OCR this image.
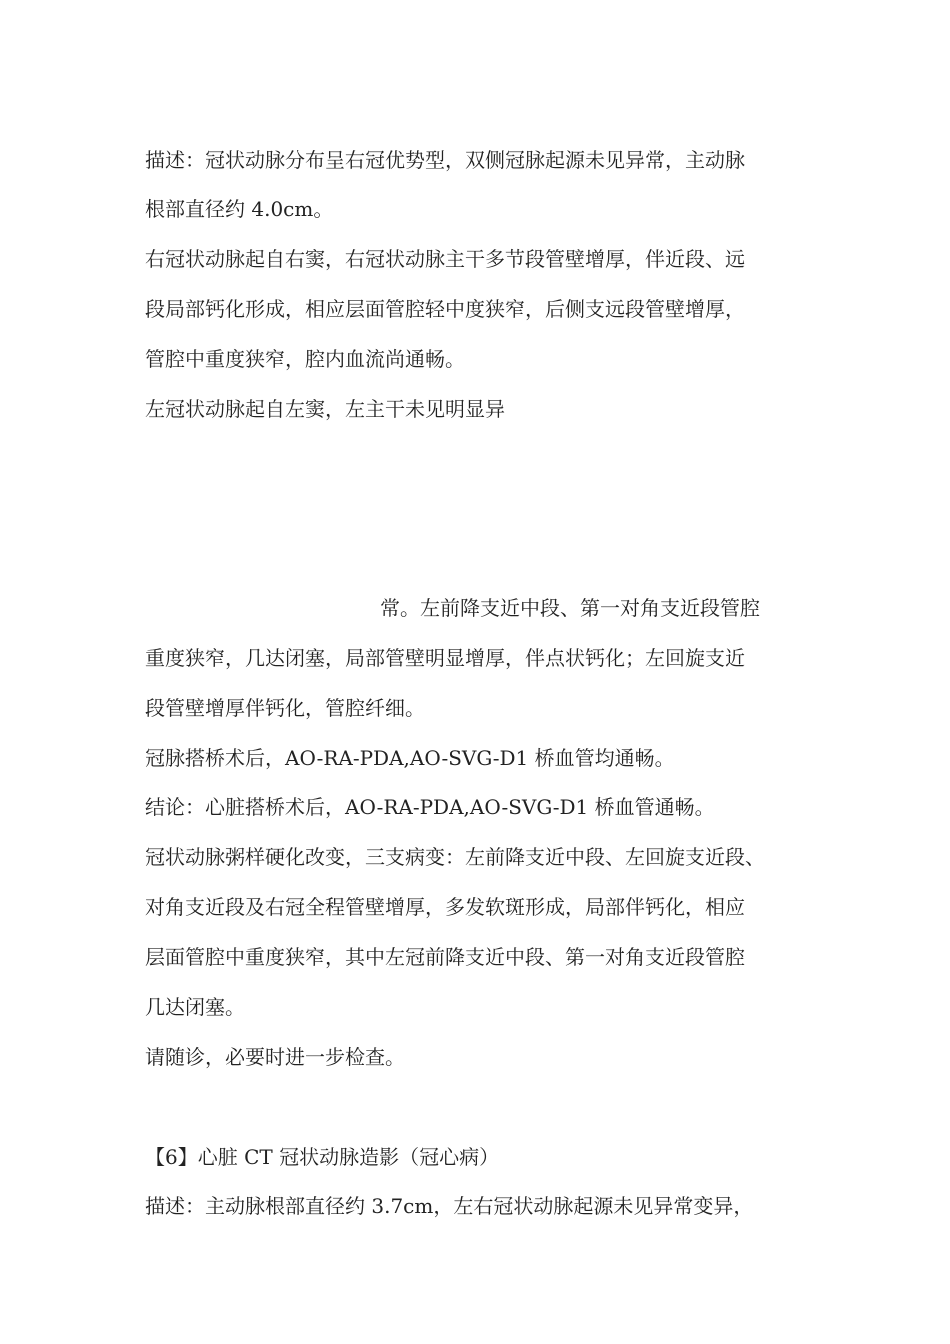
描述：冠状动脉分布呈右冠优势型，双侧冠脉起源未见异常，主动脉

根部直径约 4.0cm。

右冠状动脉起自右窦，右冠状动脉主干多节段管壁增厚，伴近段、远

段局部钙化形成，相应层面管腔轻中度狭窄，后侧支远段管壁增厚，

管腔中重度狭窄，腔内血流尚通畅。

左冠状动脉起自左窦，左主干未见明显异

常。左前降支近中段、第一对角支近段管腔

重度狭窄，几达闭塞，局部管壁明显增厚，伴点状钙化；左回旋支近

段管壁增厚伴钙化，管腔纤细。

冠脉搭桥术后，AO-RA-PDA,AO-SVG-D1 桥血管均通畅。

结论：心脏搭桥术后，AO-RA-PDA,AO-SVG-D1 桥血管通畅。

冠状动脉粥样硬化改变，三支病变：左前降支近中段、左回旋支近段、

对角支近段及右冠全程管壁增厚，多发软斑形成，局部伴钙化，相应

层面管腔中重度狭窄，其中左冠前降支近中段、第一对角支近段管腔

几达闭塞。

请随诊，必要时进一步检查。

【6】心脏 CT 冠状动脉造影（冠心病）

描述：主动脉根部直径约 3.7cm，左右冠状动脉起源未见异常变异，
